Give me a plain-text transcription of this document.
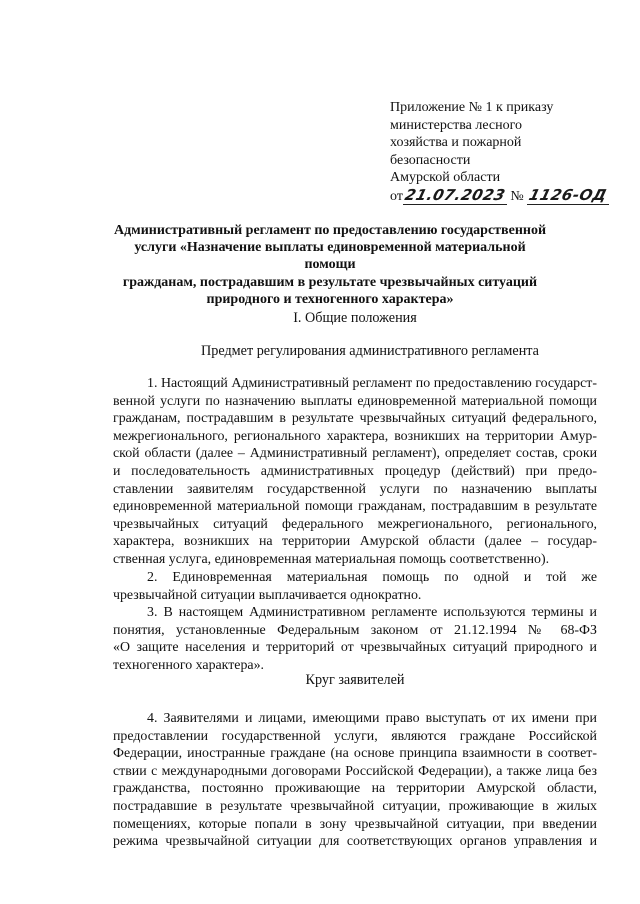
Приложение № 1 к приказу
министерства лесного
хозяйства и пожарной
безопасности
Амурской области
от21.07.2023 № 1126-ОД
Административный регламент по предоставлению государственной
услуги «Назначение выплаты единовременной материальной помощи
гражданам, пострадавшим в результате чрезвычайных ситуаций
природного и техногенного характера»
I. Общие положения
Предмет регулирования административного регламента
1. Настоящий Административный регламент по предоставлению государст-
венной услуги по назначению выплаты единовременной материальной помощи
гражданам, пострадавшим в результате чрезвычайных ситуаций федерального,
межрегионального, регионального характера, возникших на территории Амур-
ской области (далее – Административный регламент), определяет состав, сроки
и последовательность административных процедур (действий) при предо-
ставлении заявителям государственной услуги по назначению выплаты
единовременной материальной помощи гражданам, пострадавшим в результате
чрезвычайных ситуаций федерального межрегионального, регионального,
характера, возникших на территории Амурской области (далее – государ-
ственная услуга, единовременная материальная помощь соответственно).
2. Единовременная материальная помощь по одной и той же
чрезвычайной ситуации выплачивается однократно.
3. В настоящем Административном регламенте используются термины и
понятия, установленные Федеральным законом от 21.12.1994 № 68-ФЗ
«О защите населения и территорий от чрезвычайных ситуаций природного и
техногенного характера».
Круг заявителей
4. Заявителями и лицами, имеющими право выступать от их имени при
предоставлении государственной услуги, являются граждане Российской
Федерации, иностранные граждане (на основе принципа взаимности в соответ-
ствии с международными договорами Российской Федерации), а также лица без
гражданства, постоянно проживающие на территории Амурской области,
пострадавшие в результате чрезвычайной ситуации, проживающие в жилых
помещениях, которые попали в зону чрезвычайной ситуации, при введении
режима чрезвычайной ситуации для соответствующих органов управления и
